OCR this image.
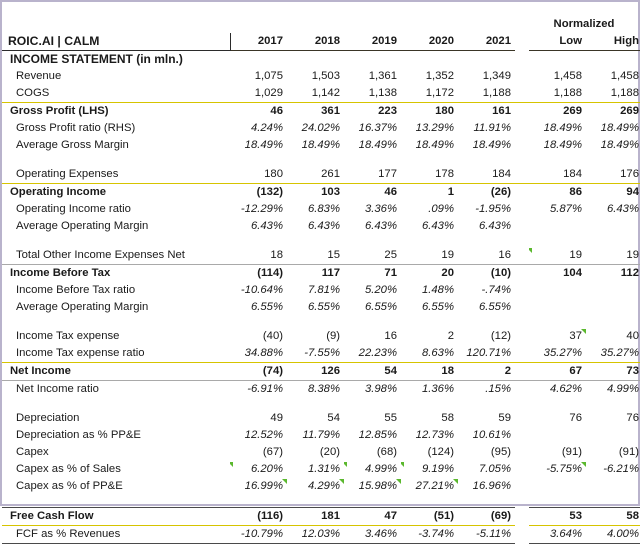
							Normalized	
ROIC.AI | CALM	2017	2018	2019	2020	2021		Low	High
INCOME STATEMENT (in mln.)								
Revenue	1,075	1,503	1,361	1,352	1,349		1,458	1,458
COGS	1,029	1,142	1,138	1,172	1,188		1,188	1,188
Gross Profit (LHS)	46	361	223	180	161		269	269
Gross Profit ratio (RHS)	4.24%	24.02%	16.37%	13.29%	11.91%		18.49%	18.49%
Average Gross Margin	18.49%	18.49%	18.49%	18.49%	18.49%		18.49%	18.49%

Operating Expenses	180	261	177	178	184		184	176
Operating Income	(132)	103	46	1	(26)		86	94
Operating Income ratio	-12.29%	6.83%	3.36%	.09%	-1.95%		5.87%	6.43%
Average Operating Margin	6.43%	6.43%	6.43%	6.43%	6.43%			

Total Other Income Expenses Net	18	15	25	19	16		19	19
Income Before Tax	(114)	117	71	20	(10)		104	112
Income Before Tax ratio	-10.64%	7.81%	5.20%	1.48%	-.74%			
Average Operating Margin	6.55%	6.55%	6.55%	6.55%	6.55%			

Income Tax expense	(40)	(9)	16	2	(12)		37	40
Income Tax expense ratio	34.88%	-7.55%	22.23%	8.63%	120.71%		35.27%	35.27%
Net Income	(74)	126	54	18	2		67	73
Net Income ratio	-6.91%	8.38%	3.98%	1.36%	.15%		4.62%	4.99%

Depreciation	49	54	55	58	59		76	76
Depreciation as % PP&E	12.52%	11.79%	12.85%	12.73%	10.61%			
Capex	(67)	(20)	(68)	(124)	(95)		(91)	(91)
Capex as % of Sales	6.20%	1.31%	4.99%	9.19%	7.05%		-5.75%	-6.21%
Capex as % of PP&E	16.99%	4.29%	15.98%	27.21%	16.96%			

Free Cash Flow	(116)	181	47	(51)	(69)		53	58
FCF as % Revenues	-10.79%	12.03%	3.46%	-3.74%	-5.11%		3.64%	4.00%
